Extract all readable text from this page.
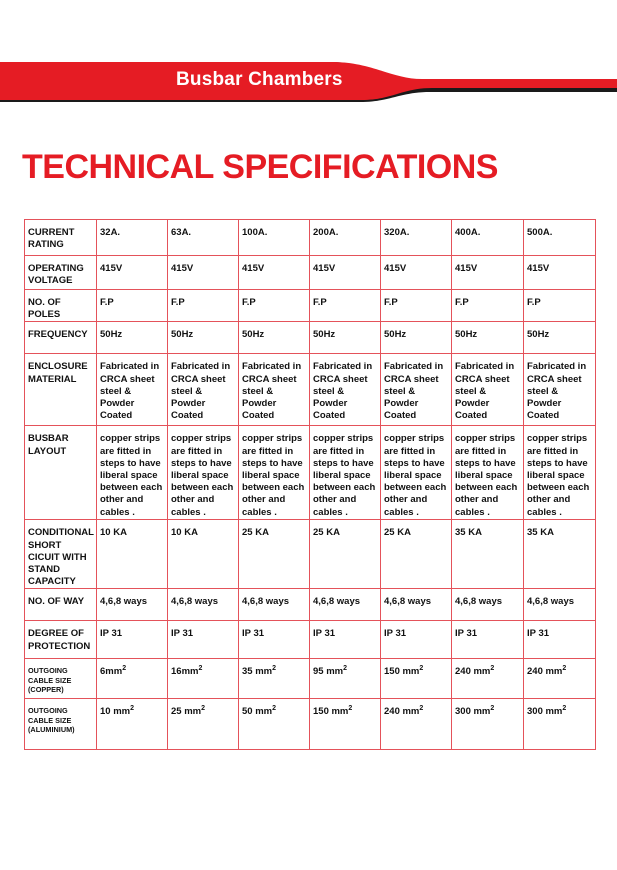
Busbar Chambers
TECHNICAL SPECIFICATIONS
CURRENT RATING	32A.	63A.	100A.	200A.	320A.	400A.	500A.
OPERATING VOLTAGE	415V	415V	415V	415V	415V	415V	415V
NO. OF POLES	F.P	F.P	F.P	F.P	F.P	F.P	F.P
FREQUENCY	50Hz	50Hz	50Hz	50Hz	50Hz	50Hz	50Hz
ENCLOSURE MATERIAL	Fabricated in CRCA sheet steel & Powder Coated	Fabricated in CRCA sheet steel & Powder Coated	Fabricated in CRCA sheet steel & Powder Coated	Fabricated in CRCA sheet steel & Powder Coated	Fabricated in CRCA sheet steel & Powder Coated	Fabricated in CRCA sheet steel & Powder Coated	Fabricated in CRCA sheet steel & Powder Coated
BUSBAR LAYOUT	copper strips are fitted in steps to have liberal space between each other and cables .	copper strips are fitted in steps to have liberal space between each other and cables .	copper strips are fitted in steps to have liberal space between each other and cables .	copper strips are fitted in steps to have liberal space between each other and cables .	copper strips are fitted in steps to have liberal space between each other and cables .	copper strips are fitted in steps to have liberal space between each other and cables .	copper strips are fitted in steps to have liberal space between each other and cables .
CONDITIONAL SHORT CICUIT WITH STAND CAPACITY	10 KA	10 KA	25 KA	25 KA	25 KA	35 KA	35 KA
NO. OF WAY	4,6,8 ways	4,6,8 ways	4,6,8 ways	4,6,8 ways	4,6,8 ways	4,6,8 ways	4,6,8 ways
DEGREE OF PROTECTION	IP 31	IP 31	IP 31	IP 31	IP 31	IP 31	IP 31
OUTGOING CABLE SIZE (COPPER)	$6mm^2$	$16mm^2$	35 $mm^2$	95 $mm^2$	150 $mm^2$	240 $mm^2$	240 $mm^2$
OUTGOING CABLE SIZE (ALUMINIUM)	10 $mm^2$	25 $mm^2$	50 $mm^2$	150 $mm^2$	240 $mm^2$	300 $mm^2$	300 $mm^2$
